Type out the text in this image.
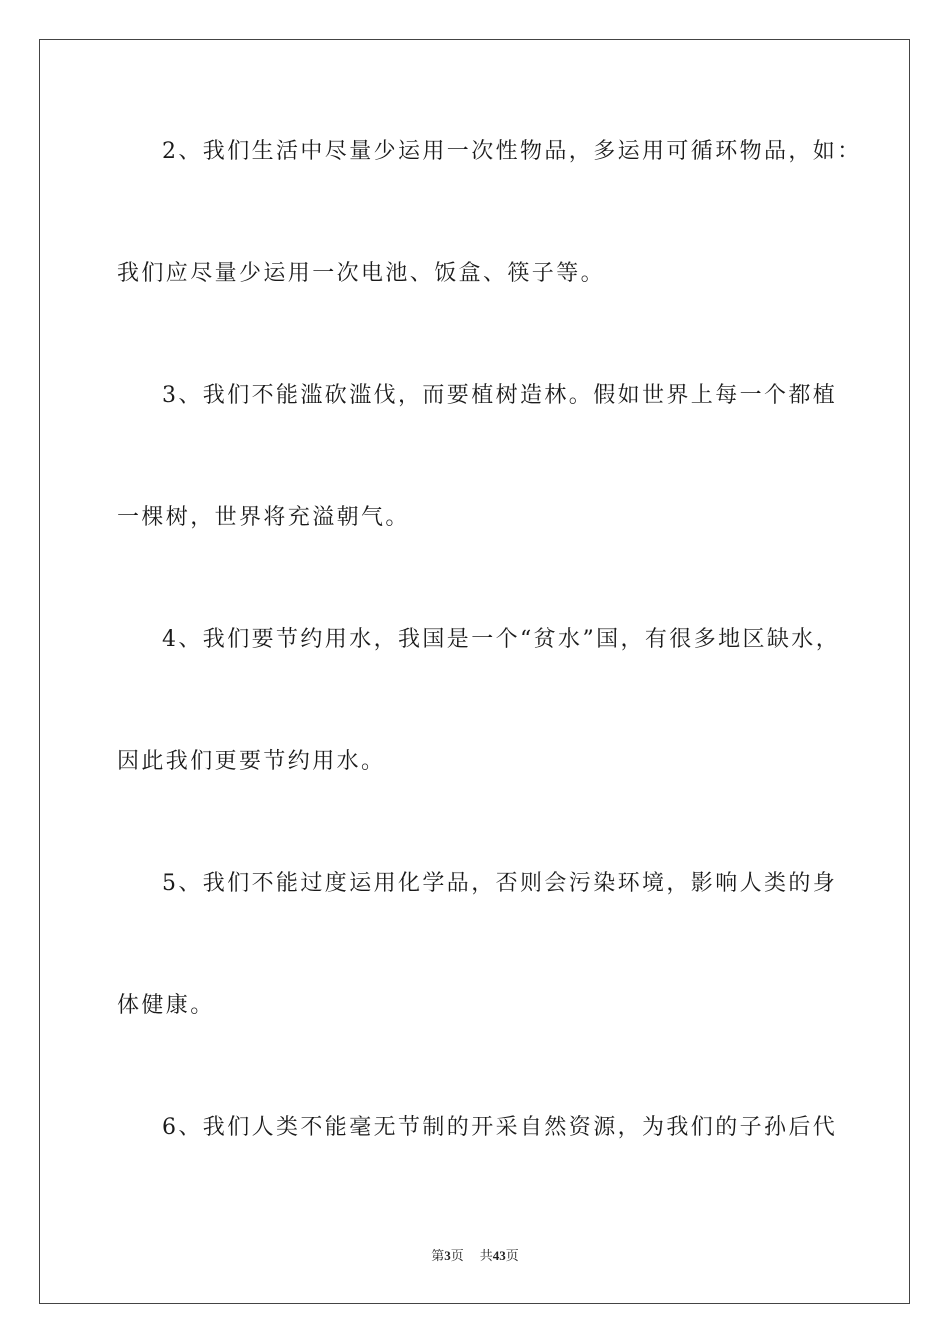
2、我们生活中尽量少运用一次性物品，多运用可循环物品，如：
我们应尽量少运用一次电池、饭盒、筷子等。
3、我们不能滥砍滥伐，而要植树造林。假如世界上每一个都植
一棵树，世界将充溢朝气。
4、我们要节约用水，我国是一个“贫水”国，有很多地区缺水，
因此我们更要节约用水。
5、我们不能过度运用化学品，否则会污染环境，影响人类的身
体健康。
6、我们人类不能毫无节制的开采自然资源，为我们的子孙后代
第3页 共43页
